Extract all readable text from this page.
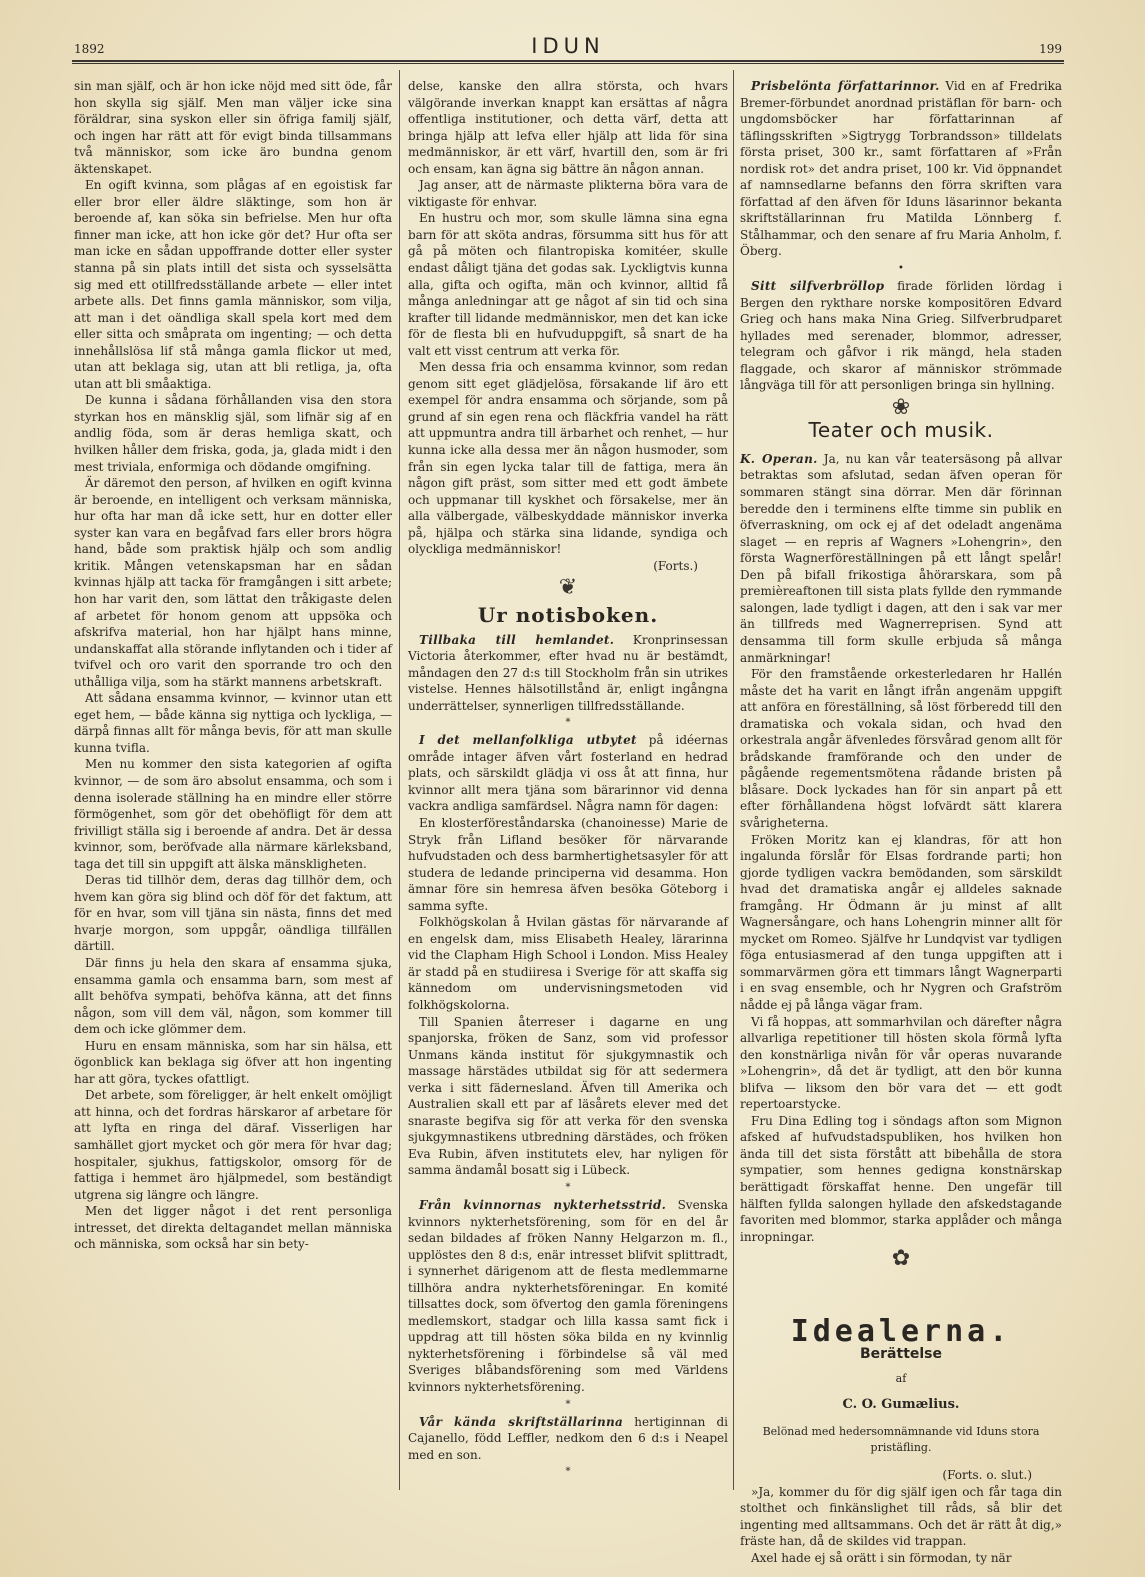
1892	IDUN	199

sin man själf, och är hon icke nöjd med sitt öde, får hon skylla sig själf. Men man väljer icke sina föräldrar, sina syskon eller sin öfriga familj själf, och ingen har rätt att för evigt binda tillsammans två människor, som icke äro bundna genom äktenskapet.

En ogift kvinna, som plågas af en egoistisk far eller bror eller äldre släktinge, som hon är beroende af, kan söka sin befrielse. Men hur ofta finner man icke, att hon icke gör det? Hur ofta ser man icke en sådan uppoffrande dotter eller syster stanna på sin plats intill det sista och sysselsätta sig med ett otillfredsställande arbete — eller intet arbete alls. Det finns gamla människor, som vilja, att man i det oändliga skall spela kort med dem eller sitta och småprata om ingenting; — och detta innehållslösa lif stå många gamla flickor ut med, utan att beklaga sig, utan att bli retliga, ja, ofta utan att bli småaktiga.

De kunna i sådana förhållanden visa den stora styrkan hos en mänsklig själ, som lifnär sig af en andlig föda, som är deras hemliga skatt, och hvilken håller dem friska, goda, ja, glada midt i den mest triviala, enformiga och dödande omgifning.

Är däremot den person, af hvilken en ogift kvinna är beroende, en intelligent och verksam människa, hur ofta har man då icke sett, hur en dotter eller syster kan vara en begåfvad fars eller brors högra hand, både som praktisk hjälp och som andlig kritik. Mången vetenskapsman har en sådan kvinnas hjälp att tacka för framgången i sitt arbete; hon har varit den, som lättat den tråkigaste delen af arbetet för honom genom att uppsöka och afskrifva material, hon har hjälpt hans minne, undanskaffat alla störande inflytanden och i tider af tvifvel och oro varit den sporrande tro och den uthålliga vilja, som ha stärkt mannens arbetskraft.

Att sådana ensamma kvinnor, — kvinnor utan ett eget hem, — både känna sig nyttiga och lyckliga, — därpå finnas allt för många bevis, för att man skulle kunna tvifla.

Men nu kommer den sista kategorien af ogifta kvinnor, — de som äro absolut ensamma, och som i denna isolerade ställning ha en mindre eller större förmögenhet, som gör det obehöfligt för dem att frivilligt ställa sig i beroende af andra. Det är dessa kvinnor, som, beröfvade alla närmare kärleksband, taga det till sin uppgift att älska mänskligheten.

Deras tid tillhör dem, deras dag tillhör dem, och hvem kan göra sig blind och döf för det faktum, att för en hvar, som vill tjäna sin nästa, finns det med hvarje morgon, som uppgår, oändliga tillfällen därtill.

Där finns ju hela den skara af ensamma sjuka, ensamma gamla och ensamma barn, som mest af allt behöfva sympati, behöfva känna, att det finns någon, som vill dem väl, någon, som kommer till dem och icke glömmer dem.

Huru en ensam människa, som har sin hälsa, ett ögonblick kan beklaga sig öfver att hon ingenting har att göra, tyckes ofattligt.

Det arbete, som föreligger, är helt enkelt omöjligt att hinna, och det fordras härskaror af arbetare för att lyfta en ringa del däraf. Visserligen har samhället gjort mycket och gör mera för hvar dag; hospitaler, sjukhus, fattigskolor, omsorg för de fattiga i hemmet äro hjälpmedel, som beständigt utgrena sig längre och längre.

Men det ligger något i det rent personliga intresset, det direkta deltagandet mellan människa och människa, som också har sin bety-

delse, kanske den allra största, och hvars välgörande inverkan knappt kan ersättas af några offentliga institutioner, och detta värf, detta att bringa hjälp att lefva eller hjälp att lida för sina medmänniskor, är ett värf, hvartill den, som är fri och ensam, kan ägna sig bättre än någon annan.

Jag anser, att de närmaste plikterna böra vara de viktigaste för enhvar.

En hustru och mor, som skulle lämna sina egna barn för att sköta andras, försumma sitt hus för att gå på möten och filantropiska komitéer, skulle endast dåligt tjäna det godas sak. Lyckligtvis kunna alla, gifta och ogifta, män och kvinnor, alltid få många anledningar att ge något af sin tid och sina krafter till lidande medmänniskor, men det kan icke för de flesta bli en hufvuduppgift, så snart de ha valt ett visst centrum att verka för.

Men dessa fria och ensamma kvinnor, som redan genom sitt eget glädjelösa, försakande lif äro ett exempel för andra ensamma och sörjande, som på grund af sin egen rena och fläckfria vandel ha rätt att uppmuntra andra till ärbarhet och renhet, — hur kunna icke alla dessa mer än någon husmoder, som från sin egen lycka talar till de fattiga, mera än någon gift präst, som sitter med ett godt ämbete och uppmanar till kyskhet och försakelse, mer än alla välbergade, välbeskyddade människor inverka på, hjälpa och stärka sina lidande, syndiga och olyckliga medmänniskor!

(Forts.)
❦
Ur notisboken.

Tillbaka till hemlandet. Kronprinsessan Victoria återkommer, efter hvad nu är bestämdt, måndagen den 27 d:s till Stockholm från sin utrikes vistelse. Hennes hälsotillstånd är, enligt ingångna underrättelser, synnerligen tillfredsställande.

*

I det mellanfolkliga utbytet på idéernas område intager äfven vårt fosterland en hedrad plats, och särskildt glädja vi oss åt att finna, hur kvinnor allt mera tjäna som bärarinnor vid denna vackra andliga samfärdsel. Några namn för dagen:

En klosterföreståndarska (chanoinesse) Marie de Stryk från Lifland besöker för närvarande hufvudstaden och dess barmhertighetsasyler för att studera de ledande principerna vid desamma. Hon ämnar före sin hemresa äfven besöka Göteborg i samma syfte.

Folkhögskolan å Hvilan gästas för närvarande af en engelsk dam, miss Elisabeth Healey, lärarinna vid the Clapham High School i London. Miss Healey är stadd på en studiiresa i Sverige för att skaffa sig kännedom om undervisningsmetoden vid folkhögskolorna.

Till Spanien återreser i dagarne en ung spanjorska, fröken de Sanz, som vid professor Unmans kända institut för sjukgymnastik och massage härstädes utbildat sig för att sedermera verka i sitt fädernesland. Äfven till Amerika och Australien skall ett par af läsårets elever med det snaraste begifva sig för att verka för den svenska sjukgymnastikens utbredning därstädes, och fröken Eva Rubin, äfven institutets elev, har nyligen för samma ändamål bosatt sig i Lübeck.

*

Från kvinnornas nykterhetsstrid. Svenska kvinnors nykterhetsförening, som för en del år sedan bildades af fröken Nanny Helgarzon m. fl., upplöstes den 8 d:s, enär intresset blifvit splittradt, i synnerhet därigenom att de flesta medlemmarne tillhöra andra nykterhetsföreningar. En komité tillsattes dock, som öfvertog den gamla föreningens medlemskort, stadgar och lilla kassa samt fick i uppdrag att till hösten söka bilda en ny kvinnlig nykterhetsförening i förbindelse så väl med Sveriges blåbandsförening som med Världens kvinnors nykterhetsförening.

*

Vår kända skriftställarinna hertiginnan di Cajanello, född Leffler, nedkom den 6 d:s i Neapel med en son.

*

Prisbelönta författarinnor. Vid en af Fredrika Bremer-förbundet anordnad pristäflan för barn- och ungdomsböcker har författarinnan af täflingsskriften »Sigtrygg Torbrandsson» tilldelats första priset, 300 kr., samt författaren af »Från nordisk rot» det andra priset, 100 kr. Vid öppnandet af namnsedlarne befanns den förra skriften vara författad af den äfven för Iduns läsarinnor bekanta skriftställarinnan fru Matilda Lönnberg f. Stålhammar, och den senare af fru Maria Anholm, f. Öberg.

•

Sitt silfverbröllop firade förliden lördag i Bergen den rykthare norske kompositören Edvard Grieg och hans maka Nina Grieg. Silfverbrudparet hyllades med serenader, blommor, adresser, telegram och gåfvor i rik mängd, hela staden flaggade, och skaror af människor strömmade långväga till för att personligen bringa sin hyllning.

❀
Teater och musik.

K. Operan. Ja, nu kan vår teatersäsong på allvar betraktas som afslutad, sedan äfven operan för sommaren stängt sina dörrar. Men där förinnan beredde den i terminens elfte timme sin publik en öfverraskning, om ock ej af det odeladt angenäma slaget — en repris af Wagners »Lohengrin», den första Wagnerföreställningen på ett långt spelår! Den på bifall frikostiga åhörarskara, som på premièreaftonen till sista plats fyllde den rymmande salongen, lade tydligt i dagen, att den i sak var mer än tillfreds med Wagnerreprisen. Synd att densamma till form skulle erbjuda så många anmärkningar!

För den framstående orkesterledaren hr Hallén måste det ha varit en långt ifrån angenäm uppgift att anföra en föreställning, så löst förberedd till den dramatiska och vokala sidan, och hvad den orkestrala angår äfvenledes försvårad genom allt för brådskande framförande och den under de pågående regementsmötena rådande bristen på blåsare. Dock lyckades han för sin anpart på ett efter förhållandena högst lofvärdt sätt klarera svårigheterna.

Fröken Moritz kan ej klandras, för att hon ingalunda förslår för Elsas fordrande parti; hon gjorde tydligen vackra bemödanden, som särskildt hvad det dramatiska angår ej alldeles saknade framgång. Hr Ödmann är ju minst af allt Wagnersångare, och hans Lohengrin minner allt för mycket om Romeo. Själfve hr Lundqvist var tydligen föga entusiasmerad af den tunga uppgiften att i sommarvärmen göra ett timmars långt Wagnerparti i en svag ensemble, och hr Nygren och Grafström nådde ej på långa vägar fram.

Vi få hoppas, att sommarhvilan och därefter några allvarliga repetitioner till hösten skola förmå lyfta den konstnärliga nivån för vår operas nuvarande »Lohengrin», då det är tydligt, att den bör kunna blifva — liksom den bör vara det — ett godt repertoarstycke.

Fru Dina Edling tog i söndags afton som Mignon afsked af hufvudstadspubliken, hos hvilken hon ända till det sista förstått att bibehålla de stora sympatier, som hennes gedigna konstnärskap berättigadt förskaffat henne. Den ungefär till hälften fyllda salongen hyllade den afskedstagande favoriten med blommor, starka applåder och många inropningar.

✿
Idealerna.
Berättelse
af
C. O. Gumælius.
Belönad med hedersomnämnande vid Iduns stora pristäfling.
(Forts. o. slut.)

»Ja, kommer du för dig själf igen och får taga din stolthet och finkänslighet till råds, så blir det ingenting med alltsammans. Och det är rätt åt dig,» fräste han, då de skildes vid trappan.

Axel hade ej så orätt i sin förmodan, ty när
